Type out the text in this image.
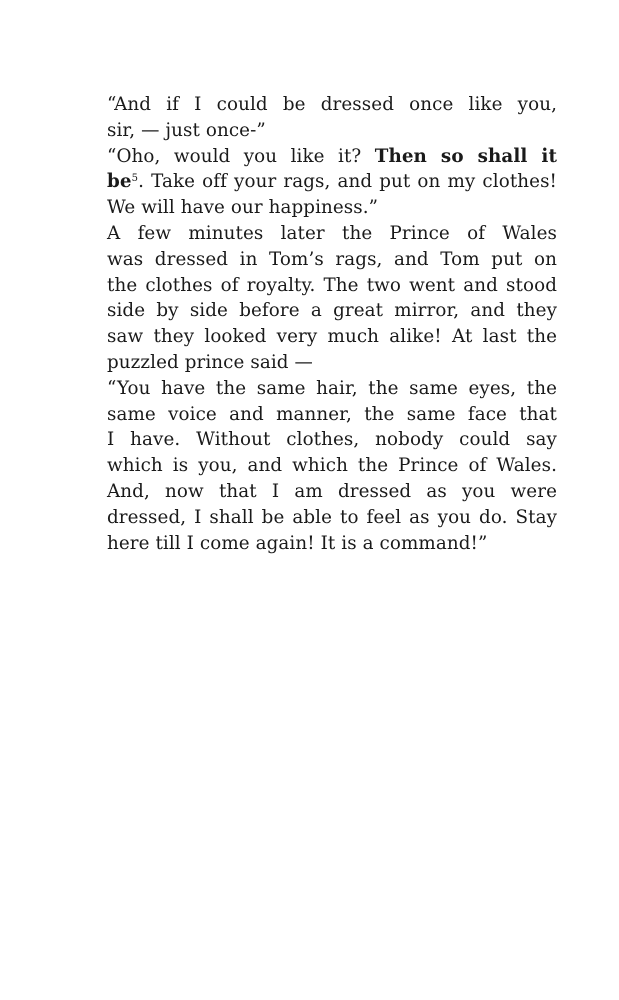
“And if I could be dressed once like you,
sir, — just once-”

“Oho, would you like it? Then so shall it
$be^5$. Take off your rags, and put on my clothes!
We will have our happiness.”

A few minutes later the Prince of Wales
was dressed in Tom’s rags, and Tom put on
the clothes of royalty. The two went and stood
side by side before a great mirror, and they
saw they looked very much alike! At last the
puzzled prince said —

“You have the same hair, the same eyes, the
same voice and manner, the same face that
I have. Without clothes, nobody could say
which is you, and which the Prince of Wales.
And, now that I am dressed as you were
dressed, I shall be able to feel as you do. Stay
here till I come again! It is a command!”
